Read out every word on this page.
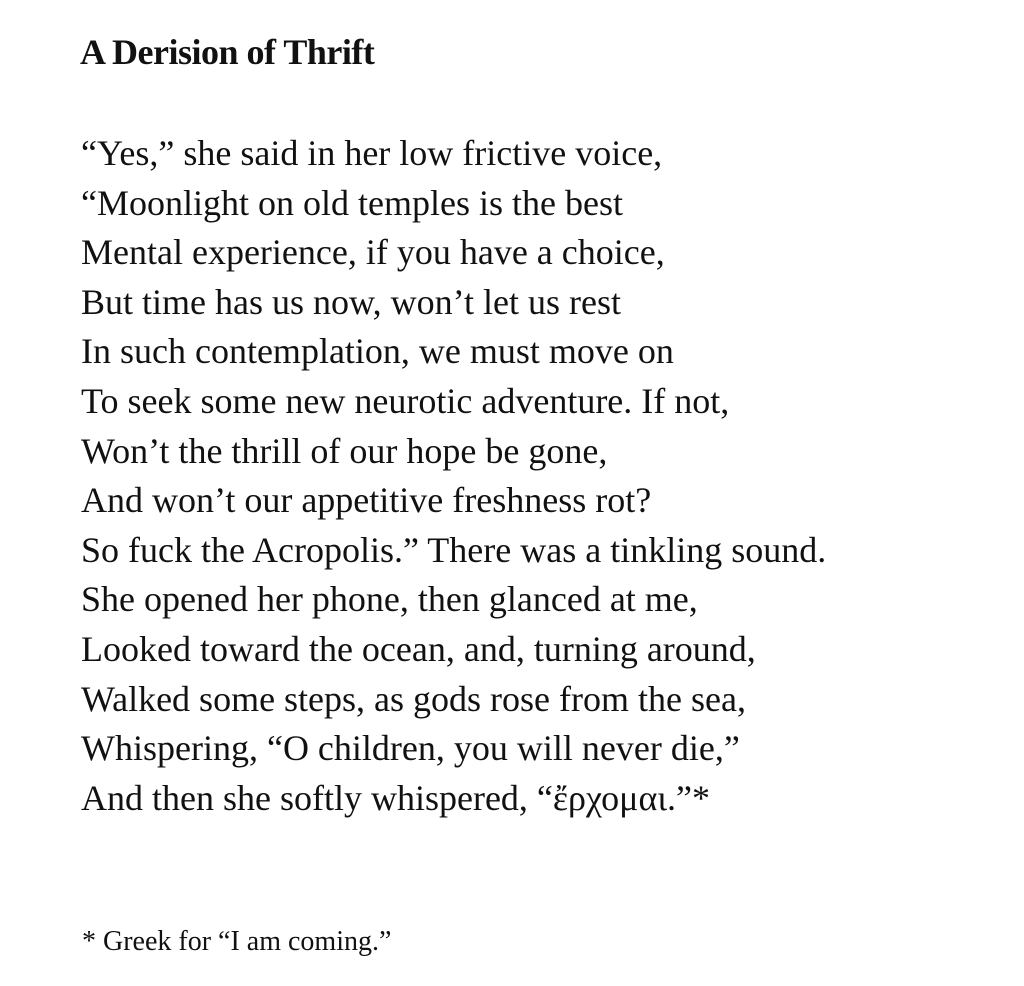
A Derision of Thrift
“Yes,” she said in her low frictive voice,
“Moonlight on old temples is the best
Mental experience, if you have a choice,
But time has us now, won’t let us rest
In such contemplation, we must move on
To seek some new neurotic adventure. If not,
Won’t the thrill of our hope be gone,
And won’t our appetitive freshness rot?
So fuck the Acropolis.” There was a tinkling sound.
She opened her phone, then glanced at me,
Looked toward the ocean, and, turning around,
Walked some steps, as gods rose from the sea,
Whispering, “O children, you will never die,”
And then she softly whispered, “ἔρχομαι.”*

* Greek for “I am coming.”
